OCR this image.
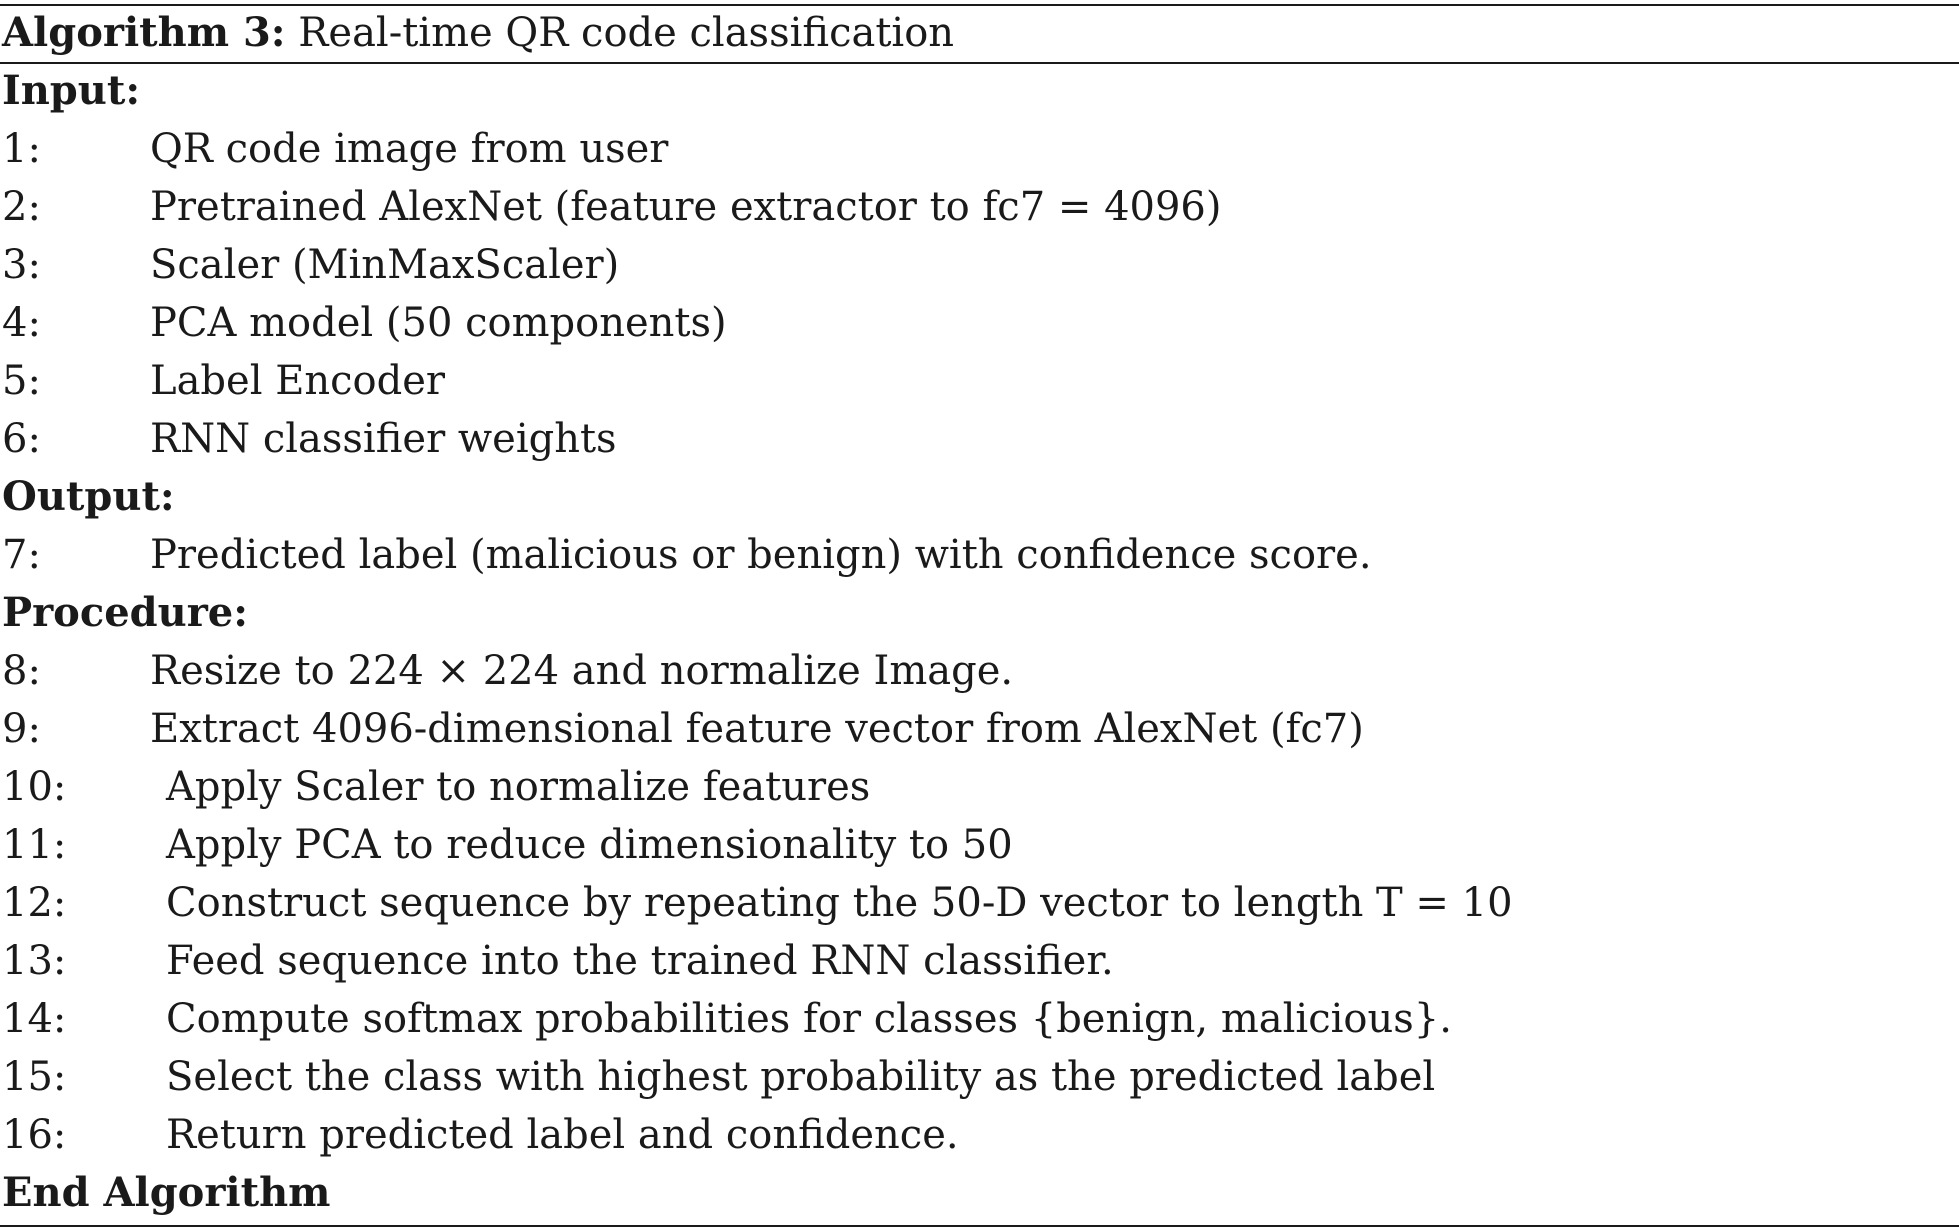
Algorithm 3: Real-time QR code classification
Input:
1:	QR code image from user
2:	Pretrained AlexNet (feature extractor to fc7 = 4096)
3:	Scaler (MinMaxScaler)
4:	PCA model (50 components)
5:	Label Encoder
6:	RNN classifier weights
Output:
7:	Predicted label (malicious or benign) with confidence score.
Procedure:
8:	Resize to 224 × 224 and normalize Image.
9:	Extract 4096-dimensional feature vector from AlexNet (fc7)
10: Apply Scaler to normalize features
11: Apply PCA to reduce dimensionality to 50
12: Construct sequence by repeating the 50-D vector to length T = 10
13: Feed sequence into the trained RNN classifier.
14: Compute softmax probabilities for classes {benign, malicious}.
15: Select the class with highest probability as the predicted label
16: Return predicted label and confidence.
End Algorithm
